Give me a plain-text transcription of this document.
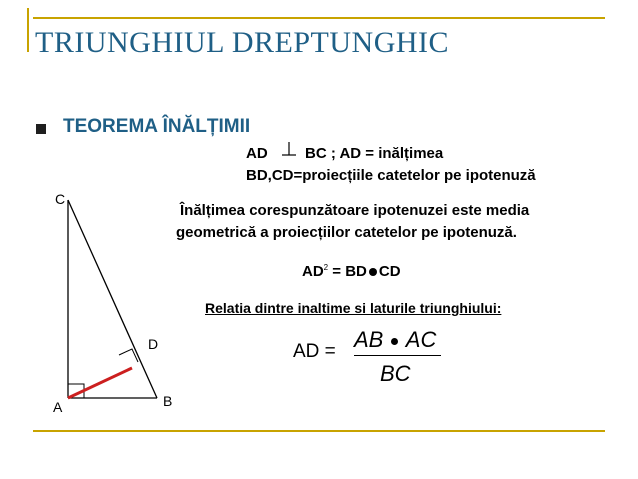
TRIUNGHIUL DREPTUNGHIC
TEOREMA ÎNĂLȚIMII
AD BC ; AD = inălțimea
BD,CD=proiecțiile catetelor pe ipotenuză
Înălțimea corespunzătoare ipotenuzei este media
geometrică a proiecțiilor catetelor pe ipotenuză.
$AD^2$ = BD CD
Relatia dintre inaltime si laturile triunghiului:
AD = AB AC
BC
C
D
A	B
